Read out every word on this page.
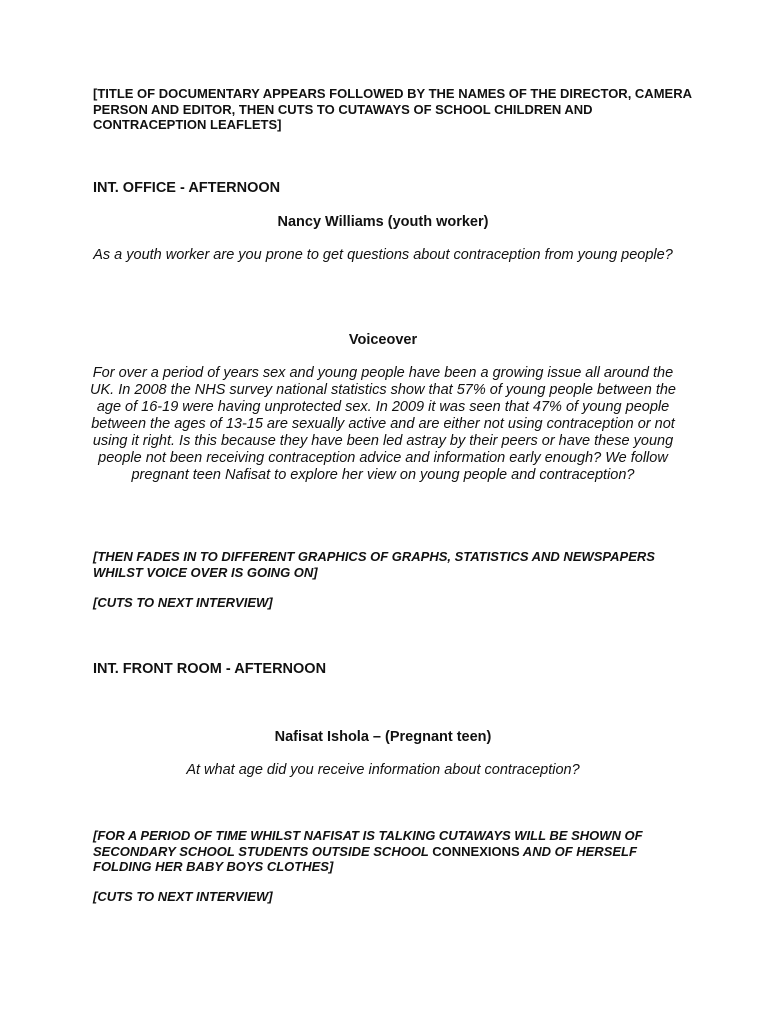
[TITLE OF DOCUMENTARY APPEARS FOLLOWED BY THE NAMES OF THE DIRECTOR, CAMERA PERSON AND EDITOR, THEN CUTS TO CUTAWAYS OF SCHOOL CHILDREN AND CONTRACEPTION LEAFLETS]

INT. OFFICE - AFTERNOON

Nancy Williams (youth worker)

As a youth worker are you prone to get questions about contraception from young people?

Voiceover

For over a period of years sex and young people have been a growing issue all around the UK. In 2008 the NHS survey national statistics show that 57% of young people between the age of 16-19 were having unprotected sex. In 2009 it was seen that 47% of young people between the ages of 13-15 are sexually active and are either not using contraception or not using it right. Is this because they have been led astray by their peers or have these young people not been receiving contraception advice and information early enough? We follow pregnant teen Nafisat to explore her view on young people and contraception?

[THEN FADES IN TO DIFFERENT GRAPHICS OF GRAPHS, STATISTICS AND NEWSPAPERS WHILST VOICE OVER IS GOING ON]

[CUTS TO NEXT INTERVIEW]

INT. FRONT ROOM - AFTERNOON

Nafisat Ishola – (Pregnant teen)

At what age did you receive information about contraception?

[FOR A PERIOD OF TIME WHILST NAFISAT IS TALKING CUTAWAYS WILL BE SHOWN OF SECONDARY SCHOOL STUDENTS OUTSIDE SCHOOL CONNEXIONS AND OF HERSELF FOLDING HER BABY BOYS CLOTHES]

[CUTS TO NEXT INTERVIEW]
